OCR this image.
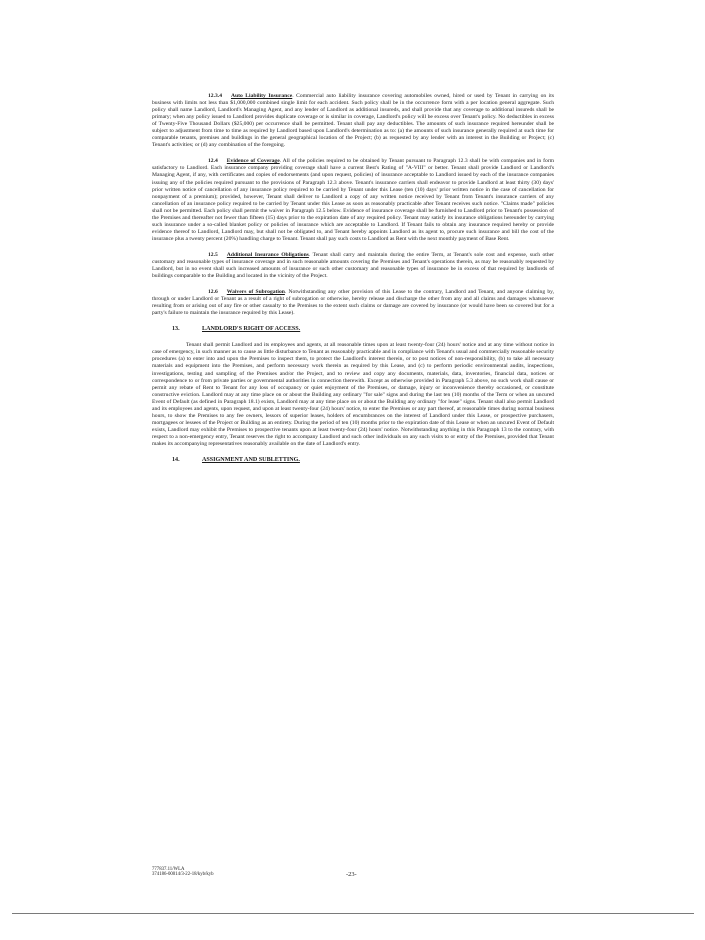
12.3.4 Auto Liability Insurance. Commercial auto liability insurance covering automobiles owned, hired or used by Tenant in carrying on its business with limits not less than $1,000,000 combined single limit for each accident. Such policy shall be in the occurrence form with a per location general aggregate. Such policy shall name Landlord, Landlord's Managing Agent, and any lender of Landlord as additional insureds, and shall provide that any coverage to additional insureds shall be primary; when any policy issued to Landlord provides duplicate coverage or is similar in coverage, Landlord's policy will be excess over Tenant's policy. No deductibles in excess of Twenty-Five Thousand Dollars ($25,000) per occurrence shall be permitted. Tenant shall pay any deductibles. The amounts of such insurance required hereunder shall be subject to adjustment from time to time as required by Landlord based upon Landlord's determination as to: (a) the amounts of such insurance generally required at such time for comparable tenants, premises and buildings in the general geographical location of the Project; (b) as requested by any lender with an interest in the Building or Project; (c) Tenant's activities; or (d) any combination of the foregoing.

12.4 Evidence of Coverage. All of the policies required to be obtained by Tenant pursuant to Paragraph 12.3 shall be with companies and in form satisfactory to Landlord. Each insurance company providing coverage shall have a current Best's Rating of "A-VIII" or better. Tenant shall provide Landlord or Landlord's Managing Agent, if any, with certificates and copies of endorsements (and upon request, policies) of insurance acceptable to Landlord issued by each of the insurance companies issuing any of the policies required pursuant to the provisions of Paragraph 12.3 above. Tenant's insurance carriers shall endeavor to provide Landlord at least thirty (30) days' prior written notice of cancellation of any insurance policy required to be carried by Tenant under this Lease (ten (10) days' prior written notice in the case of cancellation for nonpayment of a premium); provided, however, Tenant shall deliver to Landlord a copy of any written notice received by Tenant from Tenant's insurance carriers of any cancellation of an insurance policy required to be carried by Tenant under this Lease as soon as reasonably practicable after Tenant receives such notice. "Claims made" policies shall not be permitted. Each policy shall permit the waiver in Paragraph 12.5 below. Evidence of insurance coverage shall be furnished to Landlord prior to Tenant's possession of the Premises and thereafter not fewer than fifteen (15) days prior to the expiration date of any required policy. Tenant may satisfy its insurance obligations hereunder by carrying such insurance under a so-called blanket policy or policies of insurance which are acceptable to Landlord. If Tenant fails to obtain any insurance required hereby or provide evidence thereof to Landlord, Landlord may, but shall not be obligated to, and Tenant hereby appoints Landlord as its agent to, procure such insurance and bill the cost of the insurance plus a twenty percent (20%) handling charge to Tenant. Tenant shall pay such costs to Landlord as Rent with the next monthly payment of Base Rent.

12.5 Additional Insurance Obligations. Tenant shall carry and maintain during the entire Term, at Tenant's sole cost and expense, such other customary and reasonable types of insurance coverage and in such reasonable amounts covering the Premises and Tenant's operations therein, as may be reasonably requested by Landlord, but in no event shall such increased amounts of insurance or such other customary and reasonable types of insurance be in excess of that required by landlords of buildings comparable to the Building and located in the vicinity of the Project.

12.6 Waivers of Subrogation. Notwithstanding any other provision of this Lease to the contrary, Landlord and Tenant, and anyone claiming by, through or under Landlord or Tenant as a result of a right of subrogation or otherwise, hereby release and discharge the other from any and all claims and damages whatsoever resulting from or arising out of any fire or other casualty to the Premises to the extent such claims or damage are covered by insurance (or would have been so covered but for a party's failure to maintain the insurance required by this Lease).

13.	LANDLORD'S RIGHT OF ACCESS.

Tenant shall permit Landlord and its employees and agents, at all reasonable times upon at least twenty-four (24) hours' notice and at any time without notice in case of emergency, in such manner as to cause as little disturbance to Tenant as reasonably practicable and in compliance with Tenant's usual and commercially reasonable security procedures (a) to enter into and upon the Premises to inspect them, to protect the Landlord's interest therein, or to post notices of non-responsibility, (b) to take all necessary materials and equipment into the Premises, and perform necessary work therein as required by this Lease, and (c) to perform periodic environmental audits, inspections, investigations, testing and sampling of the Premises and/or the Project, and to review and copy any documents, materials, data, inventories, financial data, notices or correspondence to or from private parties or governmental authorities in connection therewith. Except as otherwise provided in Paragraph 5.3 above, no such work shall cause or permit any rebate of Rent to Tenant for any loss of occupancy or quiet enjoyment of the Premises, or damage, injury or inconvenience thereby occasioned, or constitute constructive eviction. Landlord may at any time place on or about the Building any ordinary "for sale" signs and during the last ten (10) months of the Term or when an uncured Event of Default (as defined in Paragraph 18.1) exists, Landlord may at any time place on or about the Building any ordinary "for lease" signs. Tenant shall also permit Landlord and its employees and agents, upon request, and upon at least twenty-four (24) hours' notice, to enter the Premises or any part thereof, at reasonable times during normal business hours, to show the Premises to any fee owners, lessors of superior leases, holders of encumbrances on the interest of Landlord under this Lease, or prospective purchasers, mortgagees or lessees of the Project or Building as an entirety. During the period of ten (10) months prior to the expiration date of this Lease or when an uncured Event of Default exists, Landlord may exhibit the Premises to prospective tenants upon at least twenty-four (24) hours' notice. Notwithstanding anything in this Paragraph 13 to the contrary, with respect to a non-emergency entry, Tenant reserves the right to accompany Landlord and such other individuals on any such visits to or entry of the Premises, provided that Tenant makes its accompanying representatives reasonably available on the date of Landlord's entry.

14.	ASSIGNMENT AND SUBLETTING.
777837.11/WLA
374186-00014/3-22-18/kyb/kyb	-23-
